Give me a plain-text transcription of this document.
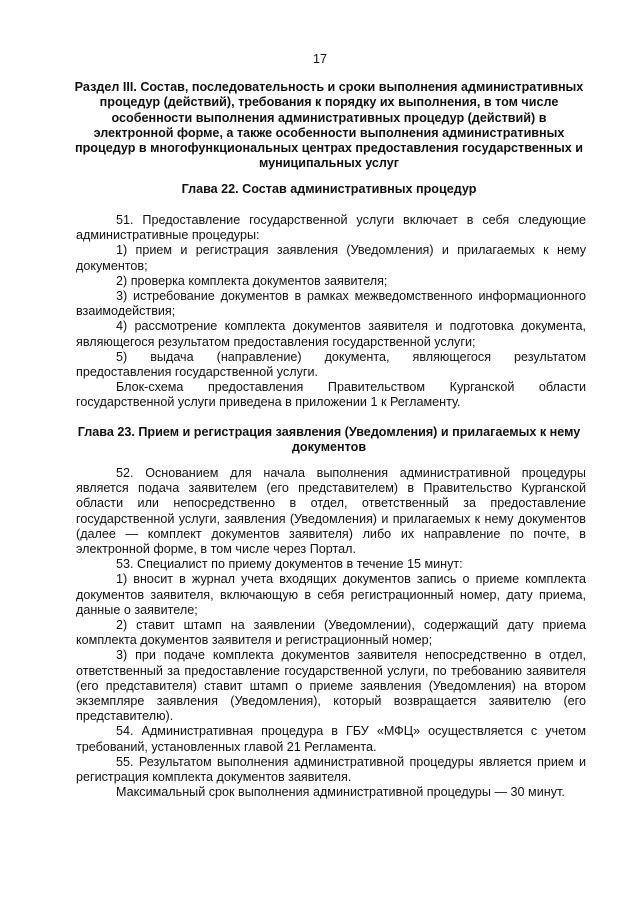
17
Раздел III. Состав, последовательность и сроки выполнения административных процедур (действий), требования к порядку их выполнения, в том числе особенности выполнения административных процедур (действий) в электронной форме, а также особенности выполнения административных процедур в многофункциональных центрах предоставления государственных и муниципальных услуг
Глава 22. Состав административных процедур

51. Предоставление государственной услуги включает в себя следующие административные процедуры:

1) прием и регистрация заявления (Уведомления) и прилагаемых к нему документов;

2) проверка комплекта документов заявителя;

3) истребование документов в рамках межведомственного информационного взаимодействия;

4) рассмотрение комплекта документов заявителя и подготовка документа, являющегося результатом предоставления государственной услуги;

5) выдача (направление) документа, являющегося результатом предоставления государственной услуги.

Блок-схема предоставления Правительством Курганской области государственной услуги приведена в приложении 1 к Регламенту.

Глава 23. Прием и регистрация заявления (Уведомления) и прилагаемых к нему документов

52. Основанием для начала выполнения административной процедуры является подача заявителем (его представителем) в Правительство Курганской области или непосредственно в отдел, ответственный за предоставление государственной услуги, заявления (Уведомления) и прилагаемых к нему документов (далее — комплект документов заявителя) либо их направление по почте, в электронной форме, в том числе через Портал.

53. Специалист по приему документов в течение 15 минут:

1) вносит в журнал учета входящих документов запись о приеме комплекта документов заявителя, включающую в себя регистрационный номер, дату приема, данные о заявителе;

2) ставит штамп на заявлении (Уведомлении), содержащий дату приема комплекта документов заявителя и регистрационный номер;

3) при подаче комплекта документов заявителя непосредственно в отдел, ответственный за предоставление государственной услуги, по требованию заявителя (его представителя) ставит штамп о приеме заявления (Уведомления) на втором экземпляре заявления (Уведомления), который возвращается заявителю (его представителю).

54. Административная процедура в ГБУ «МФЦ» осуществляется с учетом требований, установленных главой 21 Регламента.

55. Результатом выполнения административной процедуры является прием и регистрация комплекта документов заявителя.

Максимальный срок выполнения административной процедуры — 30 минут.
